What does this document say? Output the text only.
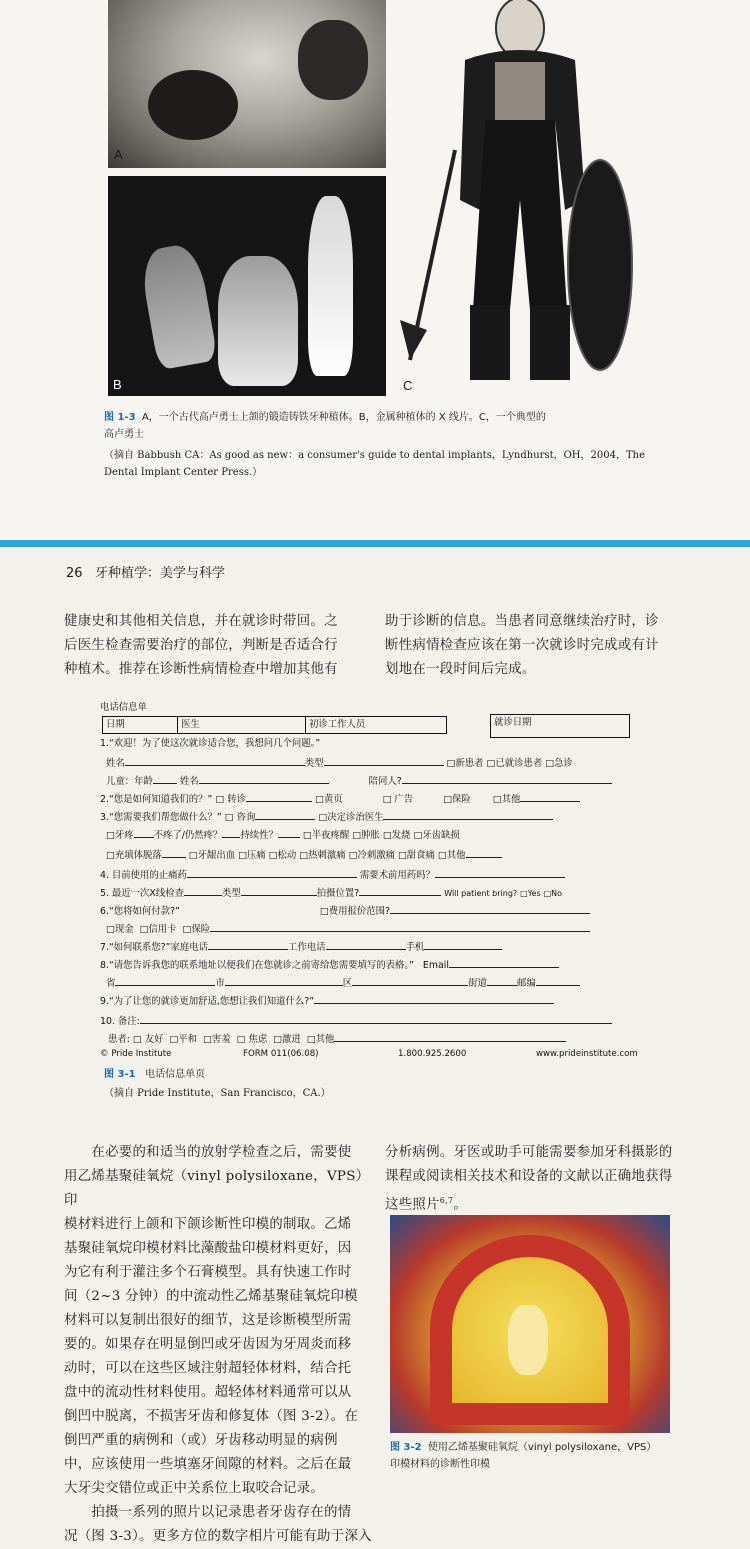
A
B	C
图 1-3 A，一个古代高卢勇士上颌的锻造铸铁牙种植体。B，金属种植体的 X 线片。C，一个典型的
高卢勇士
（摘自 Babbush CA：As good as new：a consumer's guide to dental implants，Lyndhurst，OH，2004，The
Dental Implant Center Press.）
26 牙种植学：美学与科学
健康史和其他相关信息，并在就诊时带回。之
后医生检查需要治疗的部位，判断是否适合行
种植术。推荐在诊断性病情检查中增加其他有
助于诊断的信息。当患者同意继续治疗时，诊
断性病情检查应该在第一次就诊时完成或有计
划地在一段时间后完成。
电话信息单
日期	医生	初诊工作人员	就诊日期
1.“欢迎！为了使这次就诊适合您，我想问几个问题。”
姓名	类型	□新患者 □已就诊患者 □急诊
儿童：年龄	姓名	陪同人?
2.“您是如何知道我们的？” □ 转诊	□黄页	□ 广告	□保险 □其他
3.“您需要我们帮您做什么？” □ 咨询	□决定诊治医生
□牙疼 不疼了/仍然疼？ 持续性？	□半夜疼醒 □肿胀 □发烧 □牙齿缺损
□充填体脱落	□牙龈出血 □压痛 □松动 □热刺激痛 □冷刺激痛 □甜食痛 □其他
4. 目前使用的止痛药	需要术前用药吗？
5. 最近一次X线检查	类型	拍摄位置?	Will patient bring? □Yes □No
6.“您将如何付款?”	□费用报价范围?
□现金 □信用卡 □保险
7.“如何联系您?”家庭电话	工作电话	手机
8.“请您告诉我您的联系地址以便我们在您就诊之前寄给您需要填写的表格。” Email
省	市	区	街道	邮编
9.“为了让您的就诊更加舒适,您想让我们知道什么?”
10. 备注:
患者: □ 友好 □平和 □害羞 □ 焦虑 □激进 □其他
© Pride Institute	FORM 011(06.08)	1.800.925.2600	www.prideinstitute.com
图 3-1 电话信息单页
（摘自 Pride Institute，San Francisco，CA.）
　　在必要的和适当的放射学检查之后，需要使
用乙烯基聚硅氧烷（vinyl polysiloxane，VPS）印
模材料进行上颌和下颌诊断性印模的制取。乙烯
基聚硅氧烷印模材料比藻酸盐印模材料更好，因
为它有利于灌注多个石膏模型。具有快速工作时
间（2~3 分钟）的中流动性乙烯基聚硅氧烷印模
材料可以复制出很好的细节，这是诊断模型所需
要的。如果存在明显倒凹或牙齿因为牙周炎而移
动时，可以在这些区域注射超轻体材料，结合托
盘中的流动性材料使用。超轻体材料通常可以从
倒凹中脱离，不损害牙齿和修复体（图 3-2）。在
倒凹严重的病例和（或）牙齿移动明显的病例
中，应该使用一些填塞牙间隙的材料。之后在最
大牙尖交错位或正中关系位上取咬合记录。
　　拍摄一系列的照片以记录患者牙齿存在的情
况（图 3-3）。更多方位的数字相片可能有助于深入
分析病例。牙医或助手可能需要参加牙科摄影的
课程或阅读相关技术和设备的文献以正确地获得
这些照片$^{6,7}$。
图 3-2 使用乙烯基聚硅氧烷（vinyl polysiloxane，VPS）
印模材料的诊断性印模
